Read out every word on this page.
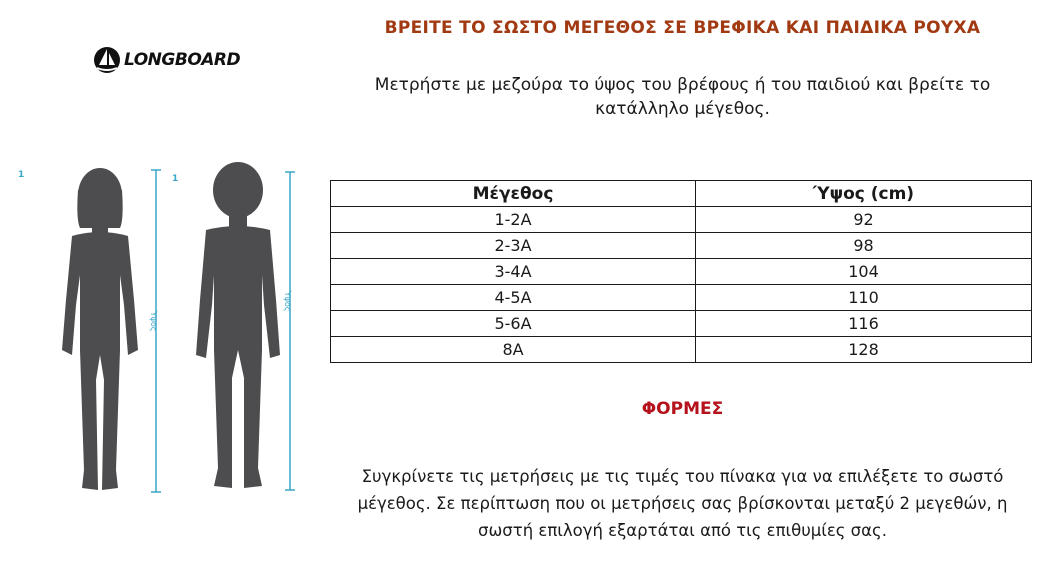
LONGBOARD
1	1
Ύψος
Ύψος
ΒΡΕΙΤΕ ΤΟ ΣΩΣΤΟ ΜΕΓΕΘΟΣ ΣΕ ΒΡΕΦΙΚΑ ΚΑΙ ΠΑΙΔΙΚΑ ΡΟΥΧΑ
Μετρήστε με μεζούρα το ύψος του βρέφους ή του παιδιού και βρείτε το κατάλληλο μέγεθος.
Μέγεθος	Ύψος (cm)
1-2A	92
2-3A	98
3-4A	104
4-5A	110
5-6A	116
8A	128
ΦΟΡΜΕΣ
Συγκρίνετε τις μετρήσεις με τις τιμές του πίνακα για να επιλέξετε το σωστό μέγεθος. Σε περίπτωση που οι μετρήσεις σας βρίσκονται μεταξύ 2 μεγεθών, η σωστή επιλογή εξαρτάται από τις επιθυμίες σας.
